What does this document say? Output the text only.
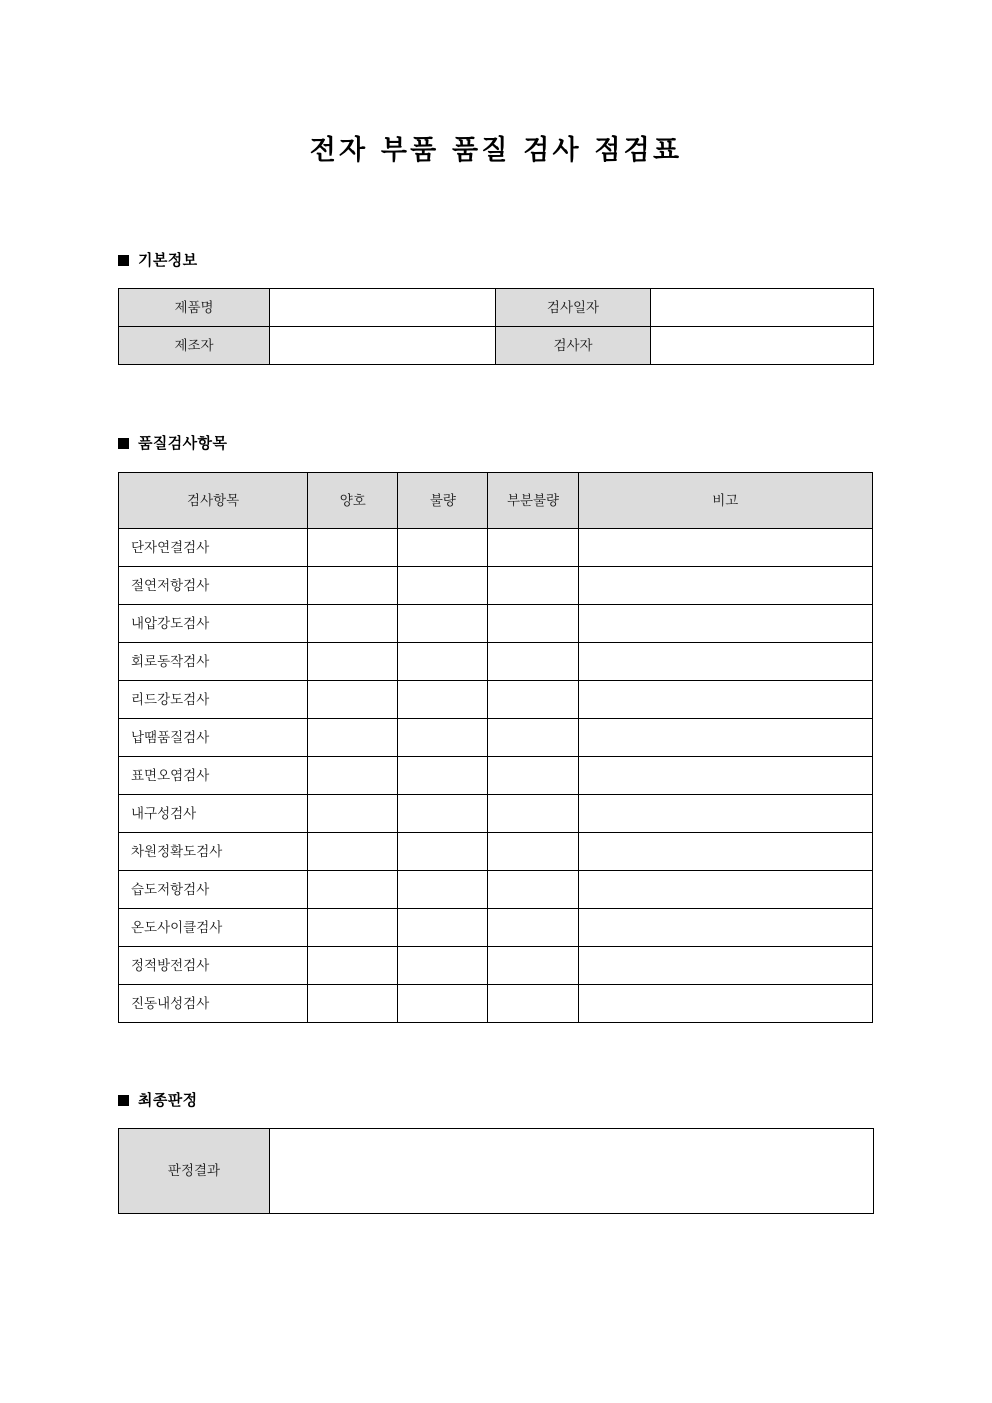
전자 부품 품질 검사 점검표
기본정보
제품명		검사일자	
제조자		검사자	
품질검사항목
검사항목	양호	불량	부분불량	비고
단자연결검사				
절연저항검사				
내압강도검사				
회로동작검사				
리드강도검사				
납땜품질검사				
표면오염검사				
내구성검사				
차원정확도검사				
습도저항검사				
온도사이클검사				
정적방전검사				
진동내성검사				
최종판정
판정결과	
